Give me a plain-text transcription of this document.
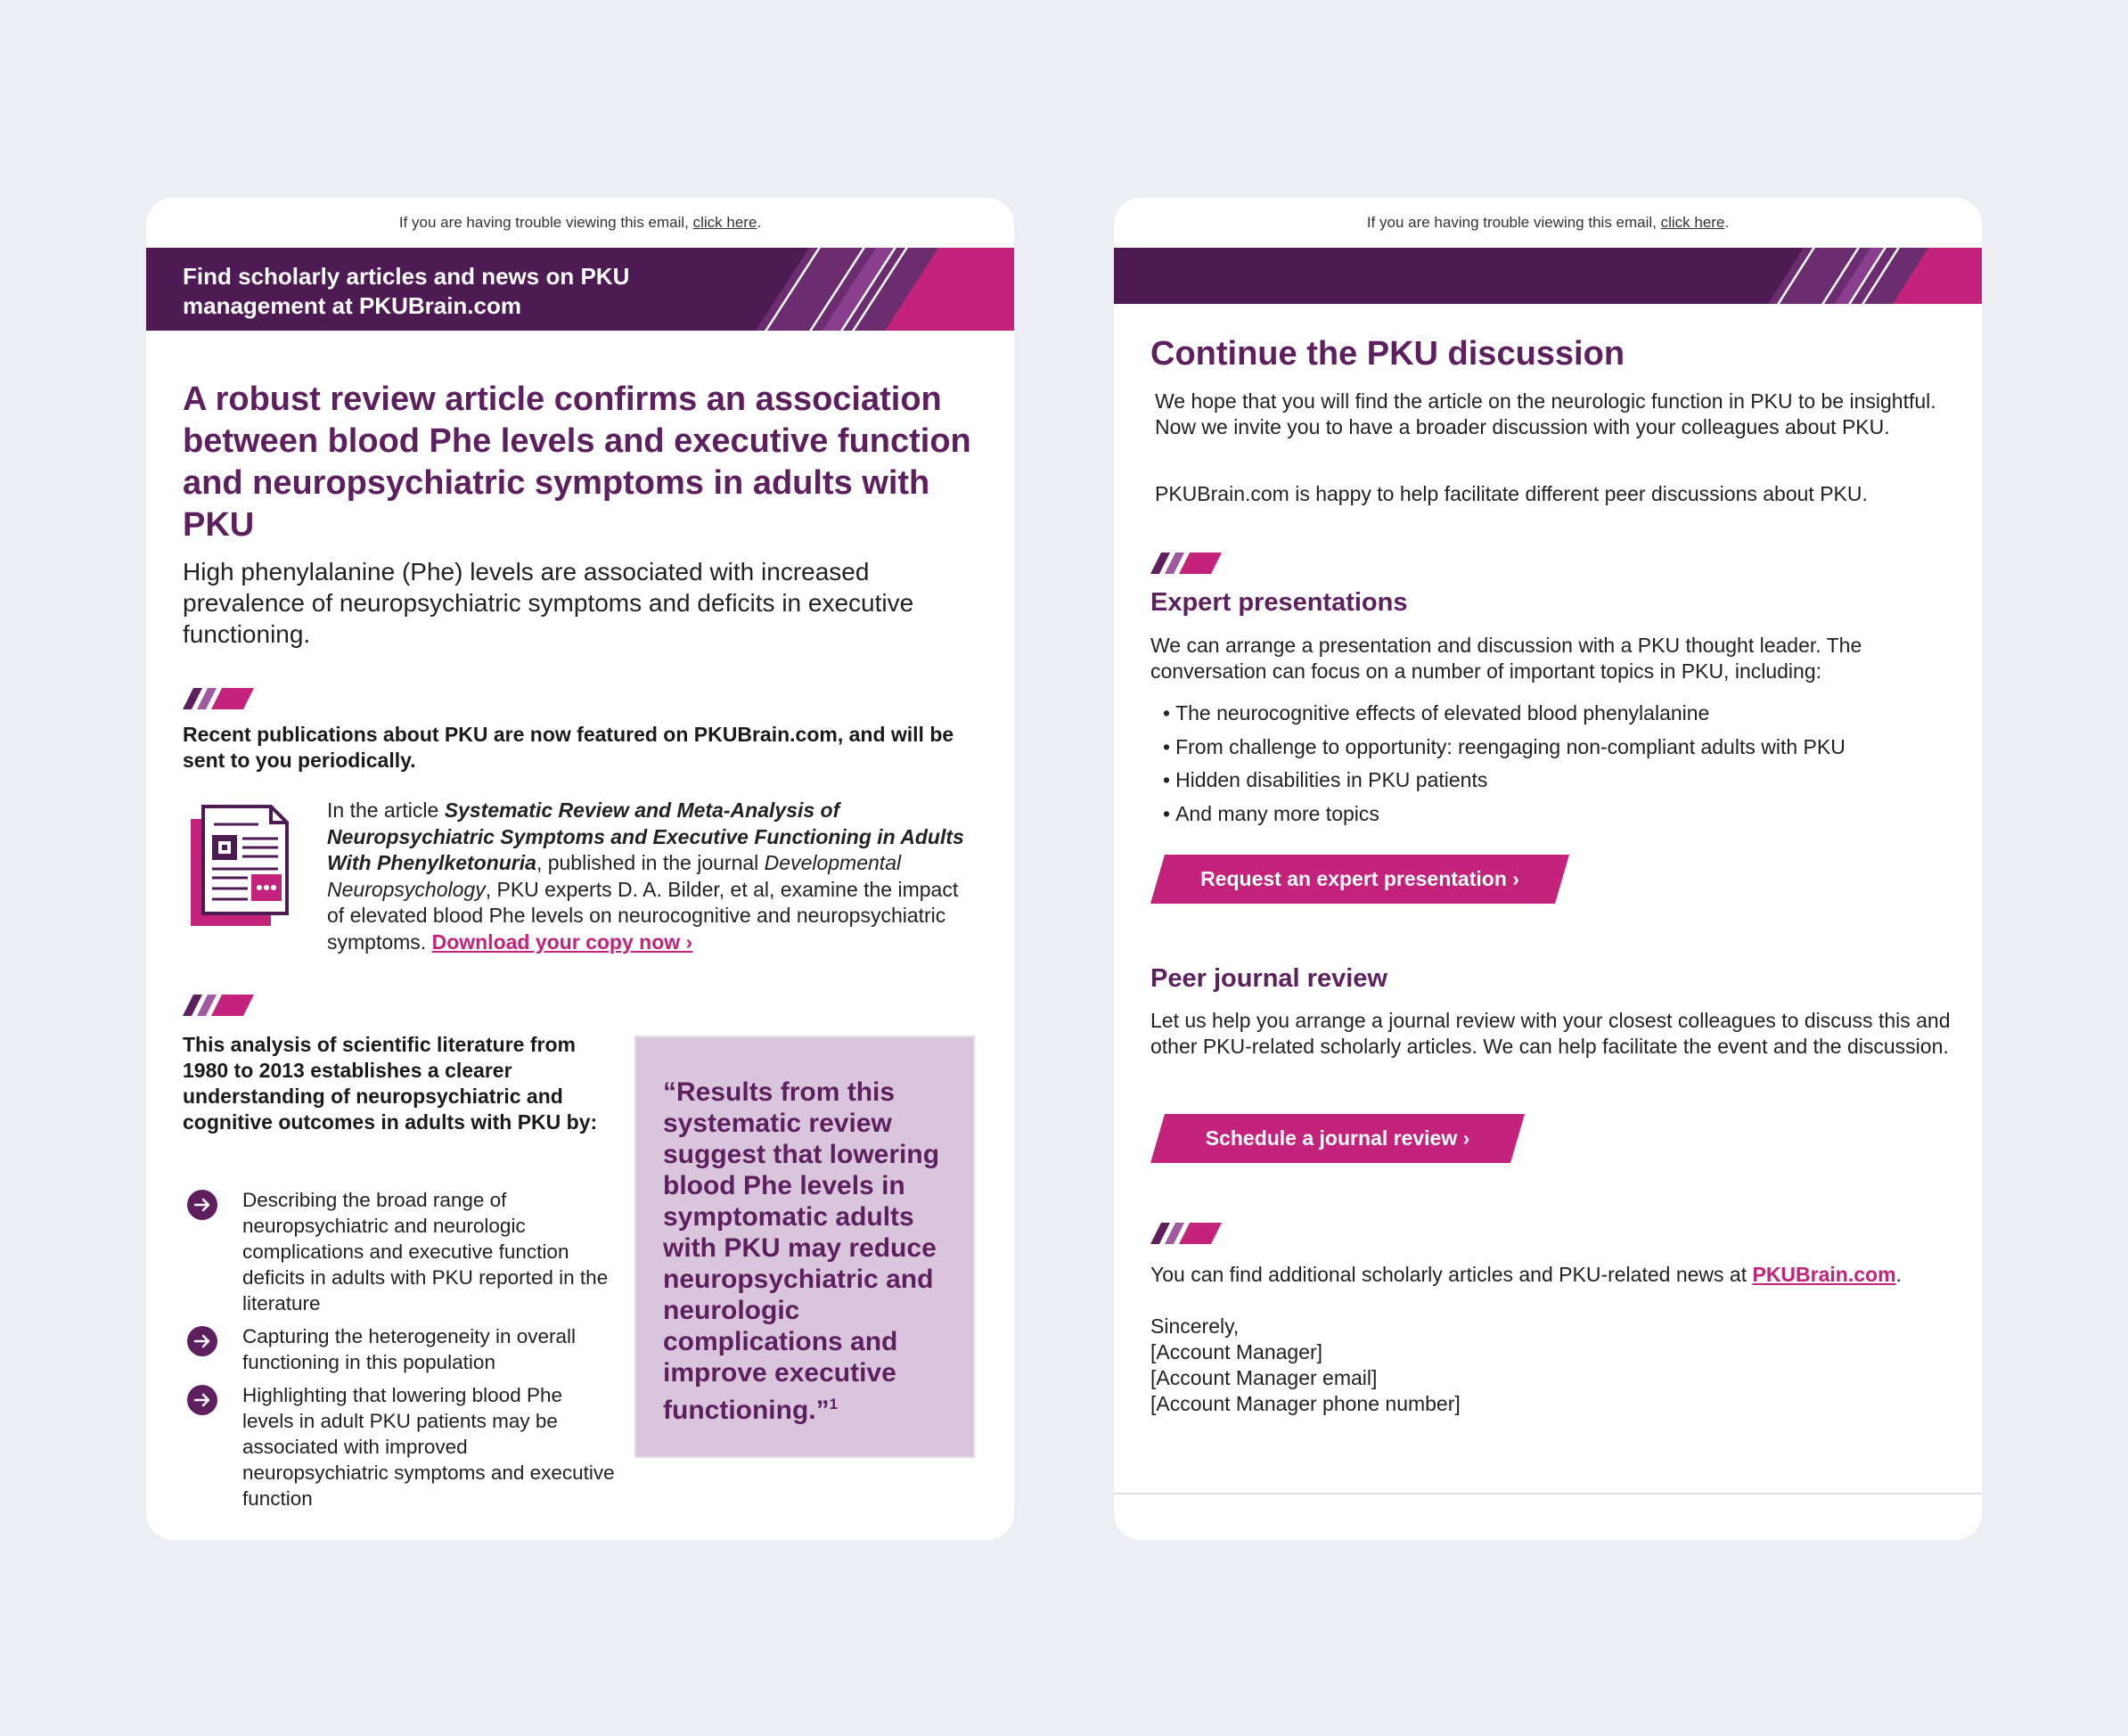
If you are having trouble viewing this email, click here.
Find scholarly articles and news on PKU management at PKUBrain.com
A robust review article confirms an association between blood Phe levels and executive function and neuropsychiatric symptoms in adults with PKU
High phenylalanine (Phe) levels are associated with increased prevalence of neuropsychiatric symptoms and deficits in executive functioning.
Recent publications about PKU are now featured on PKUBrain.com, and will be sent to you periodically.
In the article Systematic Review and Meta-Analysis of Neuropsychiatric Symptoms and Executive Functioning in Adults With Phenylketonuria, published in the journal Developmental Neuropsychology, PKU experts D. A. Bilder, et al, examine the impact of elevated blood Phe levels on neurocognitive and neuropsychiatric symptoms. Download your copy now ›
This analysis of scientific literature from 1980 to 2013 establishes a clearer understanding of neuropsychiatric and cognitive outcomes in adults with PKU by:
Describing the broad range of neuropsychiatric and neurologic complications and executive function deficits in adults with PKU reported in the literature
Capturing the heterogeneity in overall functioning in this population
Highlighting that lowering blood Phe levels in adult PKU patients may be associated with improved neuropsychiatric symptoms and executive function
“Results from this systematic review suggest that lowering blood Phe levels in symptomatic adults with PKU may reduce neuropsychiatric and neurologic complications and improve executive functioning.”$^1$
If you are having trouble viewing this email, click here.
Continue the PKU discussion
We hope that you will find the article on the neurologic function in PKU to be insightful. Now we invite you to have a broader discussion with your colleagues about PKU.
PKUBrain.com is happy to help facilitate different peer discussions about PKU.
Expert presentations
We can arrange a presentation and discussion with a PKU thought leader. The conversation can focus on a number of important topics in PKU, including:
• The neurocognitive effects of elevated blood phenylalanine
• From challenge to opportunity: reengaging non-compliant adults with PKU
• Hidden disabilities in PKU patients
• And many more topics
Request an expert presentation ›
Peer journal review
Let us help you arrange a journal review with your closest colleagues to discuss this and other PKU-related scholarly articles. We can help facilitate the event and the discussion.
Schedule a journal review ›
You can find additional scholarly articles and PKU-related news at PKUBrain.com.
Sincerely,
[Account Manager]
[Account Manager email]
[Account Manager phone number]
